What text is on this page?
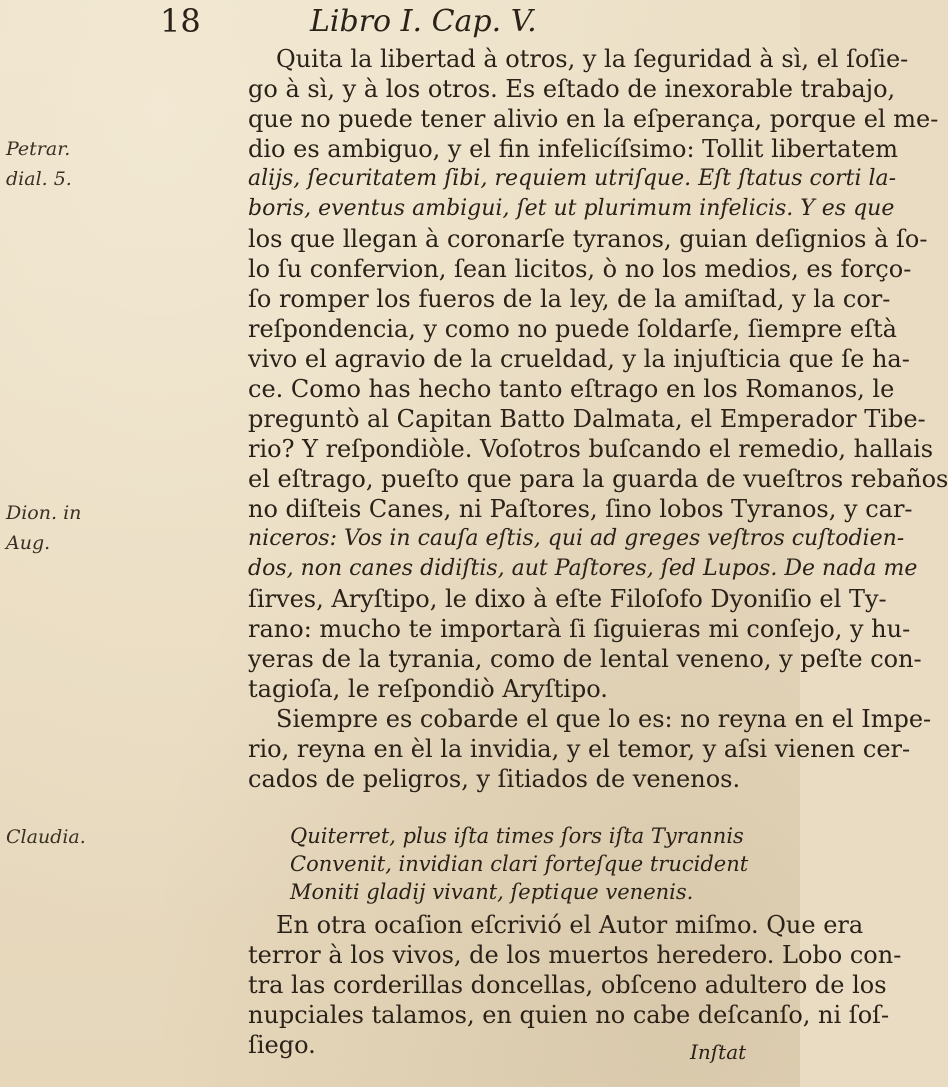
18	Libro I. Cap. V.
Petrar.
dial. 5.
Dion. in
Aug.
Claudia.
Quita la libertad à otros, y la ſeguridad à sì, el ſoſie-
go à sì, y à los otros. Es eſtado de inexorable trabajo,
que no puede tener alivio en la eſperança, porque el me-
dio es ambiguo, y el fin infelicíſsimo: Tollit libertatem
alijs, ſecuritatem ſibi, requiem utriſque. Eſt ſtatus corti la-
boris, eventus ambigui, ſet ut plurimum infelicis. Y es que
los que llegan à coronarſe tyranos, guian deſignios à ſo-
lo ſu confervion, ſean licitos, ò no los medios, es forço-
ſo romper los fueros de la ley, de la amiſtad, y la cor-
reſpondencia, y como no puede ſoldarſe, ſiempre eſtà
vivo el agravio de la crueldad, y la injuſticia que ſe ha-
ce. Como has hecho tanto eſtrago en los Romanos, le
preguntò al Capitan Batto Dalmata, el Emperador Tibe-
rio? Y reſpondiòle. Voſotros buſcando el remedio, hallais
el eſtrago, pueſto que para la guarda de vueſtros rebaños
no diſteis Canes, ni Paſtores, ſino lobos Tyranos, y car-
niceros: Vos in cauſa eſtis, qui ad greges veſtros cuſtodien-
dos, non canes didiſtis, aut Paſtores, ſed Lupos. De nada me
ſirves, Aryſtipo, le dixo à eſte Filoſofo Dyoniſio el Ty-
rano: mucho te importarà ſi ſiguieras mi conſejo, y hu-
yeras de la tyrania, como de lental veneno, y peſte con-
tagioſa, le reſpondiò Aryſtipo.
Siempre es cobarde el que lo es: no reyna en el Impe-
rio, reyna en èl la invidia, y el temor, y aſsi vienen cer-
cados de peligros, y ſitiados de venenos.
Quiterret, plus iſta times ſors iſta Tyrannis
Convenit, invidian clari forteſque trucident
Moniti gladij vivant, ſeptique venenis.
En otra ocaſion eſcrivió el Autor miſmo. Que era
terror à los vivos, de los muertos heredero. Lobo con-
tra las corderillas doncellas, obſceno adultero de los
nupciales talamos, en quien no cabe deſcanſo, ni ſoſ-
ſiego.	Inſtat
